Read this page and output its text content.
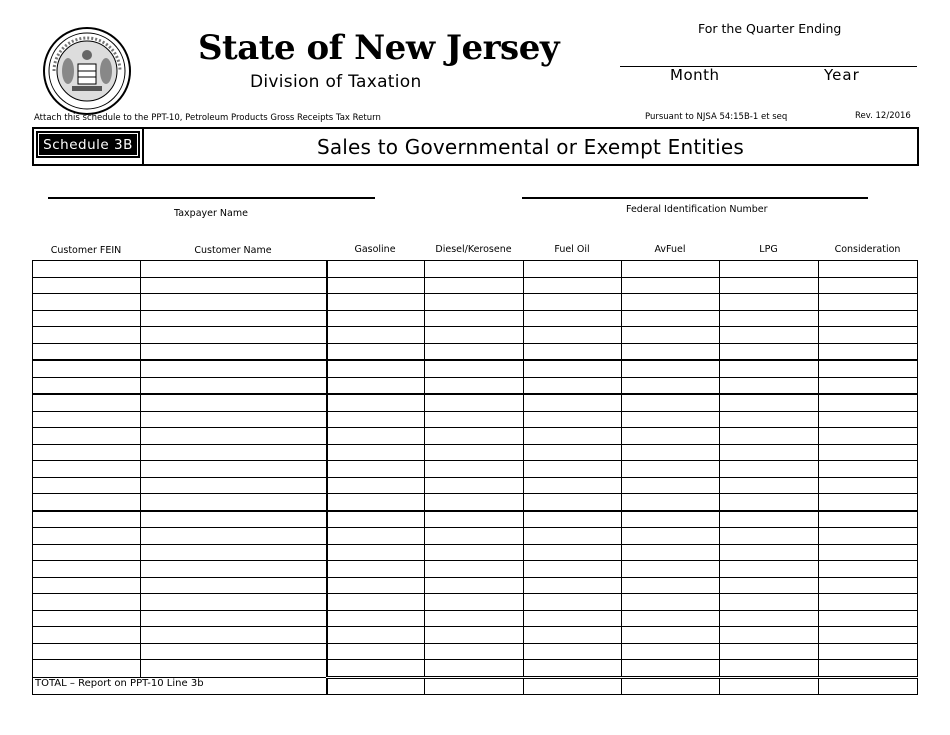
State of New Jersey
Division of Taxation
For the Quarter Ending
Month	Year
Attach this schedule to the PPT-10, Petroleum Products Gross Receipts Tax Return	Pursuant to NJSA 54:15B-1 et seq	Rev. 12/2016
Schedule 3B	Sales to Governmental or Exempt Entities
Taxpayer Name	Federal Identification Number
Customer FEIN	Customer Name	Gasoline	Diesel/Kerosene	Fuel Oil	AvFuel	LPG	Consideration

TOTAL – Report on PPT-10 Line 3b							
